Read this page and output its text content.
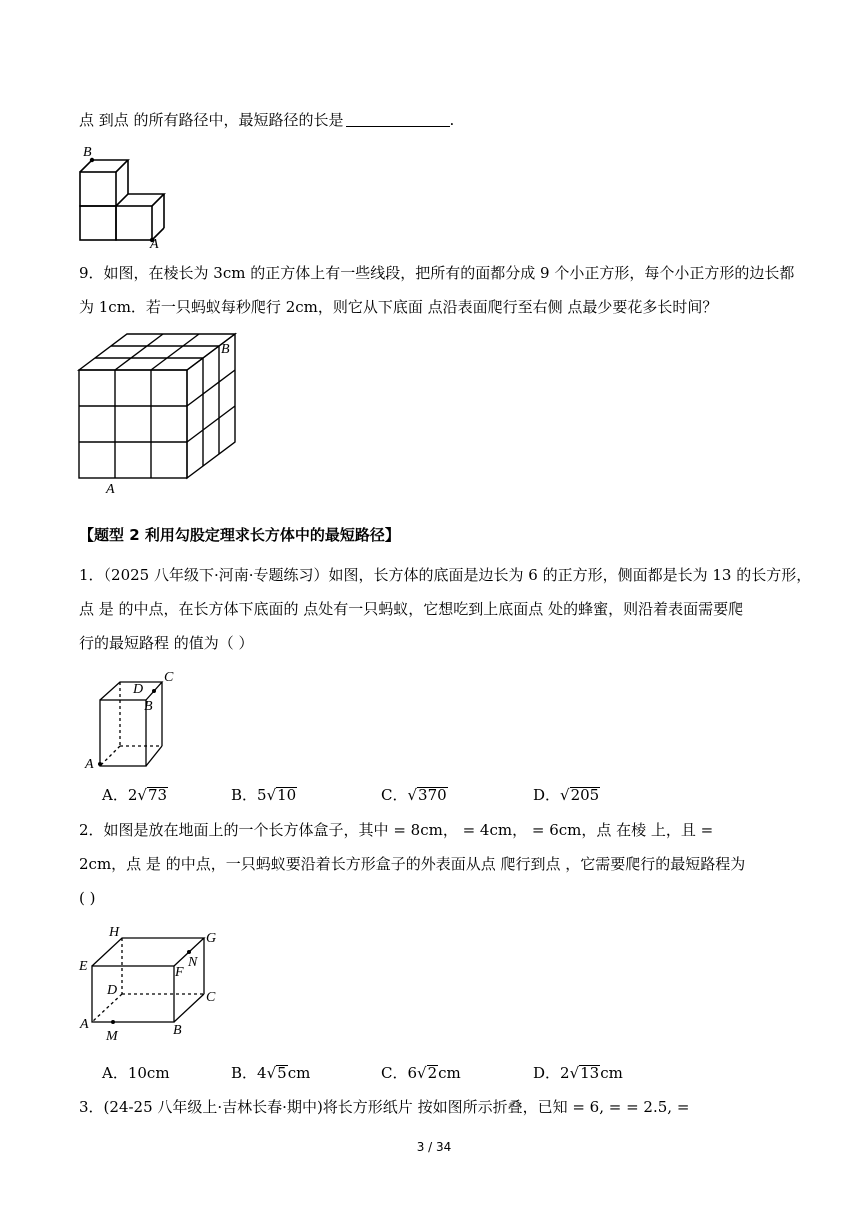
点 到点 的所有路径中，最短路径的长是	.
B
A
9．如图，在棱长为 3cm 的正方体上有一些线段，把所有的面都分成 9 个小正方形，每个小正方形的边长都
为 1cm．若一只蚂蚁每秒爬行 2cm，则它从下底面 点沿表面爬行至右侧 点最少要花多长时间？
B
A
【题型 2 利用勾股定理求长方体中的最短路径】
1．（2025 八年级下·河南·专题练习）如图，长方体的底面是边长为 6 的正方形，侧面都是长为 13 的长方形，
点 是 的中点，在长方体下底面的 点处有一只蚂蚁，它想吃到上底面点 处的蜂蜜，则沿着表面需要爬
行的最短路程 的值为（ ）
C
D
B
A
A．2√73	B．5√10	C．√370	D．√205
2．如图是放在地面上的一个长方体盒子，其中 = 8cm， = 4cm， = 6cm，点 在棱 上，且 =
2cm，点 是 的中点，一只蚂蚁要沿着长方形盒子的外表面从点 爬行到点 ，它需要爬行的最短路程为
( )
H	G
E	F
N
D	C
A
M	B
A．10cm	B．4√5cm	C．6√2cm	D．2√13cm
3．(24-25 八年级上·吉林长春·期中)将长方形纸片 按如图所示折叠，已知 = 6, = = 2.5, =
3 / 34
